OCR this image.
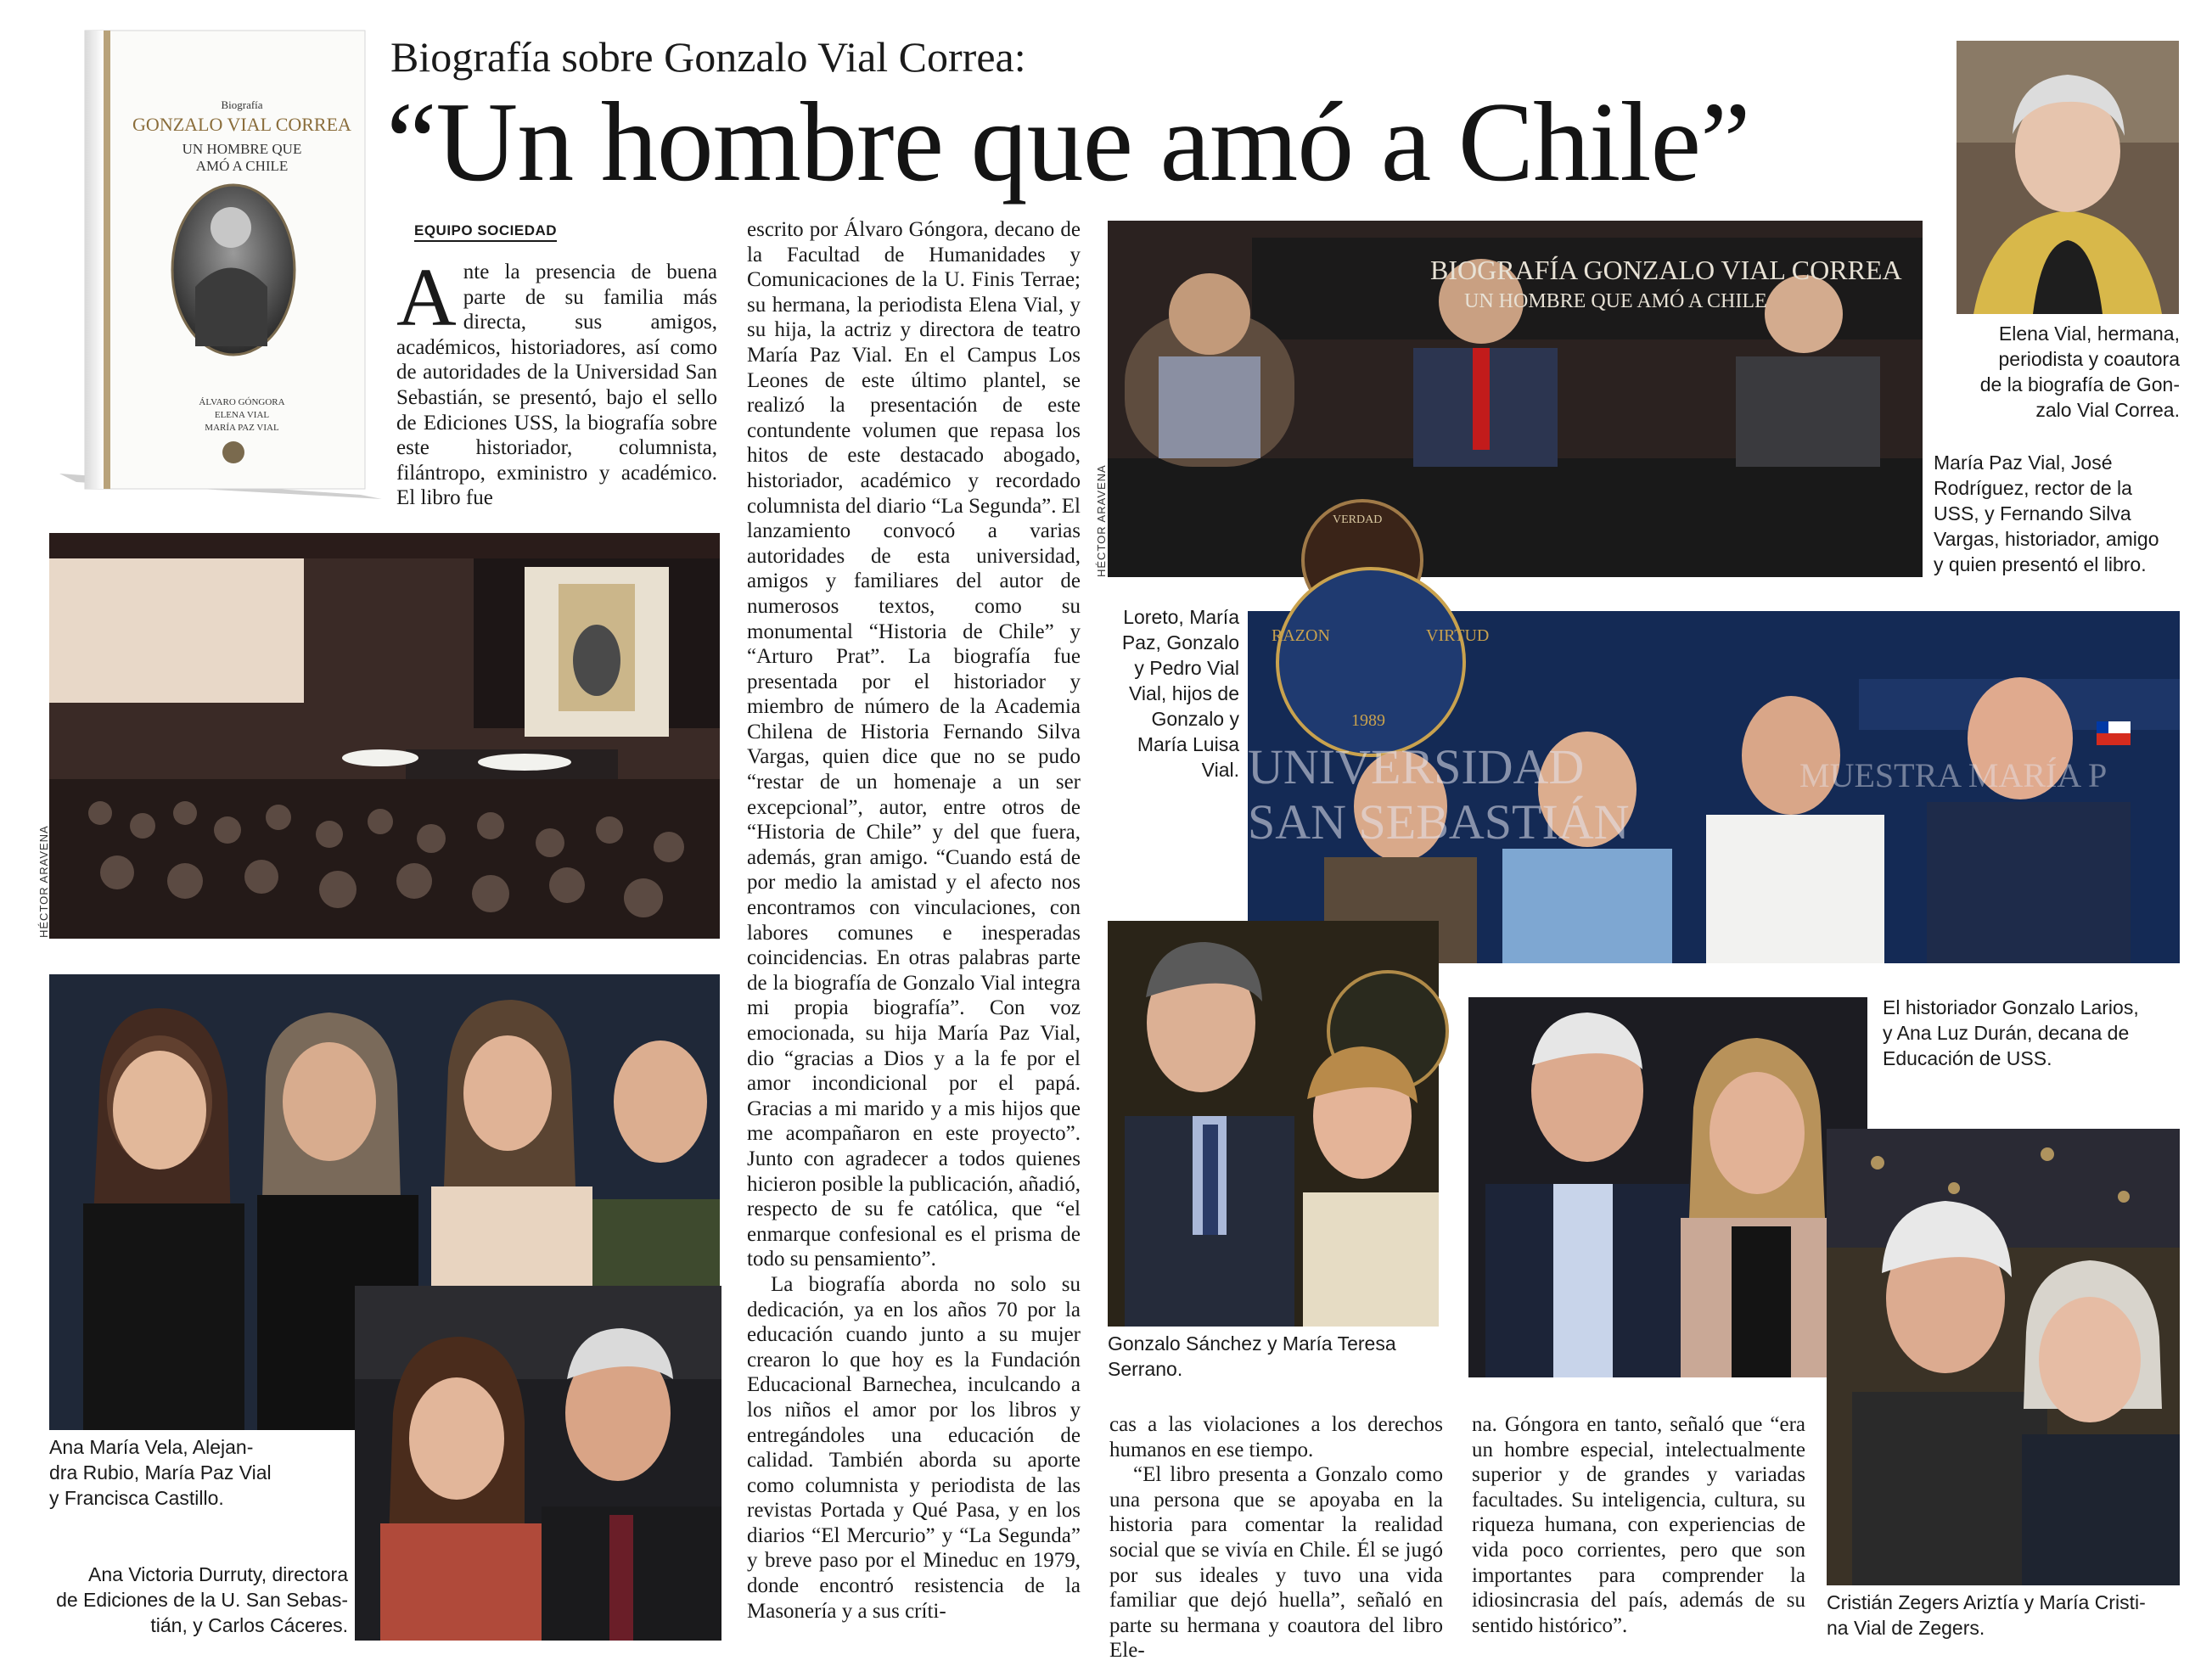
Biografía sobre Gonzalo Vial Correa:
“Un hombre que amó a Chile”
Biografía
GONZALO VIAL CORREA
UN HOMBRE QUE
AMÓ A CHILE
ÁLVARO GÓNGORA
ELENA VIAL
MARÍA PAZ VIAL
EQUIPO SOCIEDAD
A nte la presencia de buena parte de su familia más directa, sus amigos, académicos, historiadores, así como de autoridades de la Universidad San Sebastián, se presentó, bajo el sello de Ediciones USS, la biografía sobre este historiador, columnista, filántropo, exministro y académico. El libro fue

escrito por Álvaro Góngora, decano de la Facultad de Humanidades y Comunicaciones de la U. Finis Terrae; su hermana, la periodista Elena Vial, y su hija, la actriz y directora de teatro María Paz Vial. En el Campus Los Leones de este último plantel, se realizó la presentación de este contundente volumen que repasa los hitos de este destacado abogado, historiador, académico y recordado columnista del diario “La Segunda”. El lanzamiento convocó a varias autoridades de esta universidad, amigos y familiares del autor de numerosos textos, como su monumental “Historia de Chile” y “Arturo Prat”. La biografía fue presentada por el historiador y miembro de número de la Academia Chilena de Historia Fernando Silva Vargas, quien dice que no se pudo “restar de un homenaje a un ser excepcional”, autor, entre otros de “Historia de Chile” y del que fuera, además, gran amigo. “Cuando está de por medio la amistad y el afecto nos encontramos con vinculaciones, con labores comunes e inesperadas coincidencias. En otras palabras parte de la biografía de Gonzalo Vial integra mi propia biografía”. Con voz emocionada, su hija María Paz Vial, dio “gracias a Dios y a la fe por el amor incondicional por el papá. Gracias a mi marido y a mis hijos que me acompañaron en este proyecto”. Junto con agradecer a todos quienes hicieron posible la publicación, añadió, respecto de su fe católica, que “el enmarque confesional es el prisma de todo su pensamiento”.

La biografía aborda no solo su dedicación, ya en los años 70 por la educación cuando junto a su mujer crearon lo que hoy es la Fundación Educacional Barnechea, inculcando a los niños el amor por los libros y entregándoles una educación de calidad. También aborda su aporte como columnista y periodista de las revistas Portada y Qué Pasa, y en los diarios “El Mercurio” y “La Segunda” y breve paso por el Mineduc en 1979, donde encontró resistencia de la Masonería y a sus críti-

cas a las violaciones a los derechos humanos en ese tiempo.

“El libro presenta a Gonzalo como una persona que se apoyaba en la historia para comentar la realidad social que se vivía en Chile. Él se jugó por sus ideales y tuvo una vida familiar que dejó huella”, señaló en parte su hermana y coautora del libro Ele-

na. Góngora en tanto, señaló que “era un hombre especial, intelectualmente superior y de grandes y variadas facultades. Su inteligencia, cultura, su riqueza humana, con experiencias de vida poco corrientes, pero que son importantes para comprender la idiosincrasia del país, además de su sentido histórico”.

HÉCTOR ARAVENA
BIOGRAFÍA GONZALO VIAL CORREA
UN HOMBRE QUE AMÓ A CHILE
VERDAD
HÉCTOR ARAVENA
UNIVERSIDAD
SAN SEBASTIÁN
MUESTRA MARÍA P
RAZON	VIRTUD
1989
Elena Vial, hermana,
periodista y coautora
de la biografía de Gon-
zalo Vial Correa.
María Paz Vial, José
Rodríguez, rector de la
USS, y Fernando Silva
Vargas, historiador, amigo
y quien presentó el libro.
Loreto, María
Paz, Gonzalo
y Pedro Vial
Vial, hijos de
Gonzalo y
María Luisa
Vial.
El historiador Gonzalo Larios,
y Ana Luz Durán, decana de
Educación de USS.
Ana María Vela, Alejan-
dra Rubio, María Paz Vial
y Francisca Castillo.
Ana Victoria Durruty, directora
de Ediciones de la U. San Sebas-
tián, y Carlos Cáceres.
Gonzalo Sánchez y María Teresa
Serrano.
Cristián Zegers Ariztía y María Cristi-
na Vial de Zegers.
